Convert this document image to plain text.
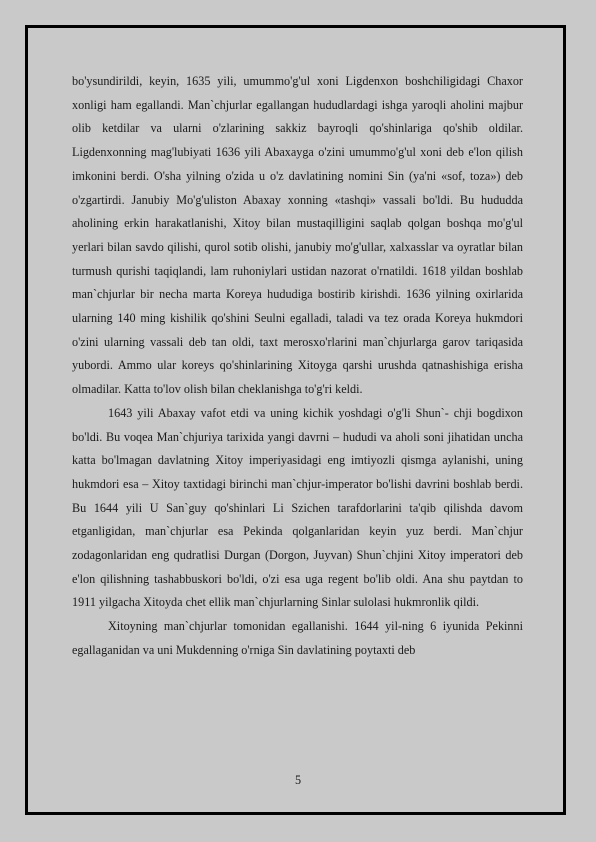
bo'ysundirildi, keyin, 1635 yili, umummo'g'ul xoni Ligdenxon boshchiligidagi Chaxor xonligi ham egallandi. Man`chjurlar egallangan hududlardagi ishga yaroqli aholini majbur olib ketdilar va ularni o'zlarining sakkiz bayroqli qo'shinlariga qo'shib oldilar. Ligdenxonning mag'lubiyati 1636 yili Abaxayga o'zini umummo'g'ul xoni deb e'lon qilish imkonini berdi. O'sha yilning o'zida u o'z davlatining nomini Sin (ya'ni «sof, toza») deb o'zgartirdi. Janubiy Mo'g'uliston Abaxay xonning «tashqi» vassali bo'ldi. Bu hududda aholining erkin harakatlanishi, Xitoy bilan mustaqilligini saqlab qolgan boshqa mo'g'ul yerlari bilan savdo qilishi, qurol sotib olishi, janubiy mo'g'ullar, xalxasslar va oyratlar bilan turmush qurishi taqiqlandi, lam ruhoniylari ustidan nazorat o'rnatildi. 1618 yildan boshlab man`chjurlar bir necha marta Koreya hududiga bostirib kirishdi. 1636 yilning oxirlarida ularning 140 ming kishilik qo'shini Seulni egalladi, taladi va tez orada Koreya hukmdori o'zini ularning vassali deb tan oldi, taxt merosxo'rlarini man`chjurlarga garov tariqasida yubordi. Ammo ular koreys qo'shinlarining Xitoyga qarshi urushda qatnashishiga erisha olmadilar. Katta to'lov olish bilan cheklanishga to'g'ri keldi.

1643 yili Abaxay vafot etdi va uning kichik yoshdagi o'g'li Shun`- chji bogdixon bo'ldi. Bu voqea Man`chjuriya tarixida yangi davrni – hududi va aholi soni jihatidan uncha katta bo'lmagan davlatning Xitoy imperiyasidagi eng imtiyozli qismga aylanishi, uning hukmdori esa – Xitoy taxtidagi birinchi man`chjur-imperator bo'lishi davrini boshlab berdi. Bu 1644 yili U San`guy qo'shinlari Li Szichen tarafdorlarini ta'qib qilishda davom etganligidan, man`chjurlar esa Pekinda qolganlaridan keyin yuz berdi. Man`chjur zodagonlaridan eng qudratlisi Durgan (Dorgon, Juyvan) Shun`chjini Xitoy imperatori deb e'lon qilishning tashabbuskori bo'ldi, o'zi esa uga regent bo'lib oldi. Ana shu paytdan to 1911 yilgacha Xitoyda chet ellik man`chjurlarning Sinlar sulolasi hukmronlik qildi.

Xitoyning man`chjurlar tomonidan egallanishi. 1644 yil-ning 6 iyunida Pekinni egallaganidan va uni Mukdenning o'rniga Sin davlatining poytaxti deb

5
